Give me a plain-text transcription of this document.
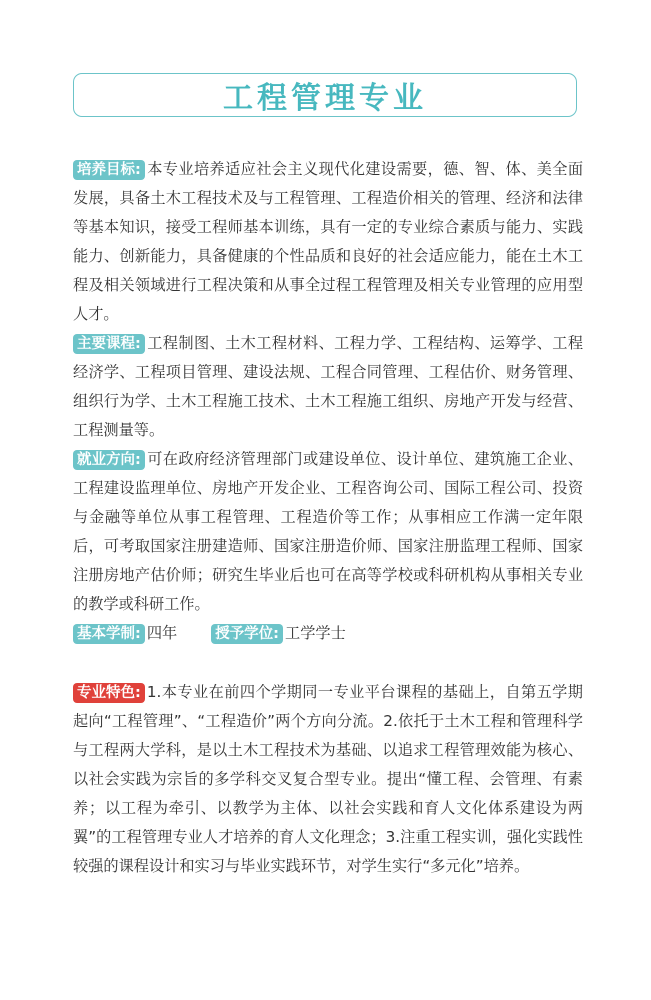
工程管理专业

培养目标: 本专业培养适应社会主义现代化建设需要，德、智、体、美全面发展，具备土木工程技术及与工程管理、工程造价相关的管理、经济和法律等基本知识，接受工程师基本训练，具有一定的专业综合素质与能力、实践能力、创新能力，具备健康的个性品质和良好的社会适应能力，能在土木工程及相关领域进行工程决策和从事全过程工程管理及相关专业管理的应用型人才。

主要课程: 工程制图、土木工程材料、工程力学、工程结构、运筹学、工程经济学、工程项目管理、建设法规、工程合同管理、工程估价、财务管理、组织行为学、土木工程施工技术、土木工程施工组织、房地产开发与经营、工程测量等。

就业方向: 可在政府经济管理部门或建设单位、设计单位、建筑施工企业、工程建设监理单位、房地产开发企业、工程咨询公司、国际工程公司、投资与金融等单位从事工程管理、工程造价等工作；从事相应工作满一定年限后，可考取国家注册建造师、国家注册造价师、国家注册监理工程师、国家注册房地产估价师；研究生毕业后也可在高等学校或科研机构从事相关专业的教学或科研工作。

基本学制: 四年	授予学位: 工学学士

专业特色: 1.本专业在前四个学期同一专业平台课程的基础上，自第五学期起向“工程管理”、“工程造价”两个方向分流。2.依托于土木工程和管理科学与工程两大学科，是以土木工程技术为基础、以追求工程管理效能为核心、以社会实践为宗旨的多学科交叉复合型专业。提出“懂工程、会管理、有素养；以工程为牵引、以教学为主体、以社会实践和育人文化体系建设为两翼”的工程管理专业人才培养的育人文化理念；3.注重工程实训，强化实践性较强的课程设计和实习与毕业实践环节，对学生实行“多元化”培养。
